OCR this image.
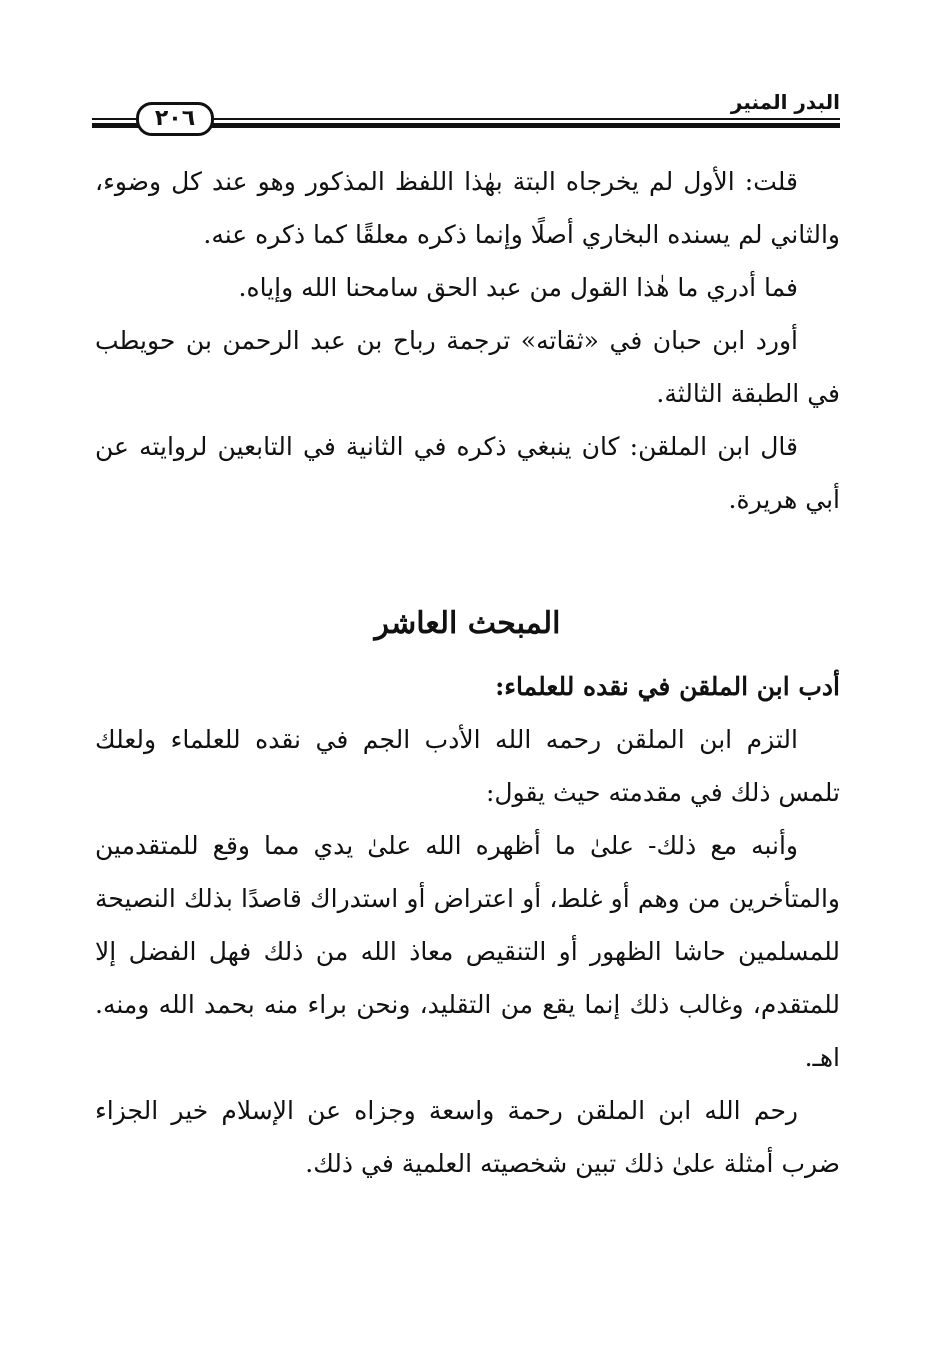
٢٠٦
البدر المنير

قلت: الأول لم يخرجاه البتة بهٰذا اللفظ المذكور وهو عند كل وضوء، والثاني لم يسنده البخاري أصلًا وإنما ذكره معلقًا كما ذكره عنه.

فما أدري ما هٰذا القول من عبد الحق سامحنا الله وإياه.

أورد ابن حبان في «ثقاته» ترجمة رباح بن عبد الرحمن بن حويطب في الطبقة الثالثة.

قال ابن الملقن: كان ينبغي ذكره في الثانية في التابعين لروايته عن أبي هريرة.

المبحث العاشر

أدب ابن الملقن في نقده للعلماء:

التزم ابن الملقن رحمه الله الأدب الجم في نقده للعلماء ولعلك تلمس ذلك في مقدمته حيث يقول:

وأنبه مع ذلك- علىٰ ما أظهره الله علىٰ يدي مما وقع للمتقدمين والمتأخرين من وهم أو غلط، أو اعتراض أو استدراك قاصدًا بذلك النصيحة للمسلمين حاشا الظهور أو التنقيص معاذ الله من ذلك فهل الفضل إلا للمتقدم، وغالب ذلك إنما يقع من التقليد، ونحن براء منه بحمد الله ومنه. اهـ.

رحم الله ابن الملقن رحمة واسعة وجزاه عن الإسلام خير الجزاء ضرب أمثلة علىٰ ذلك تبين شخصيته العلمية في ذلك.
